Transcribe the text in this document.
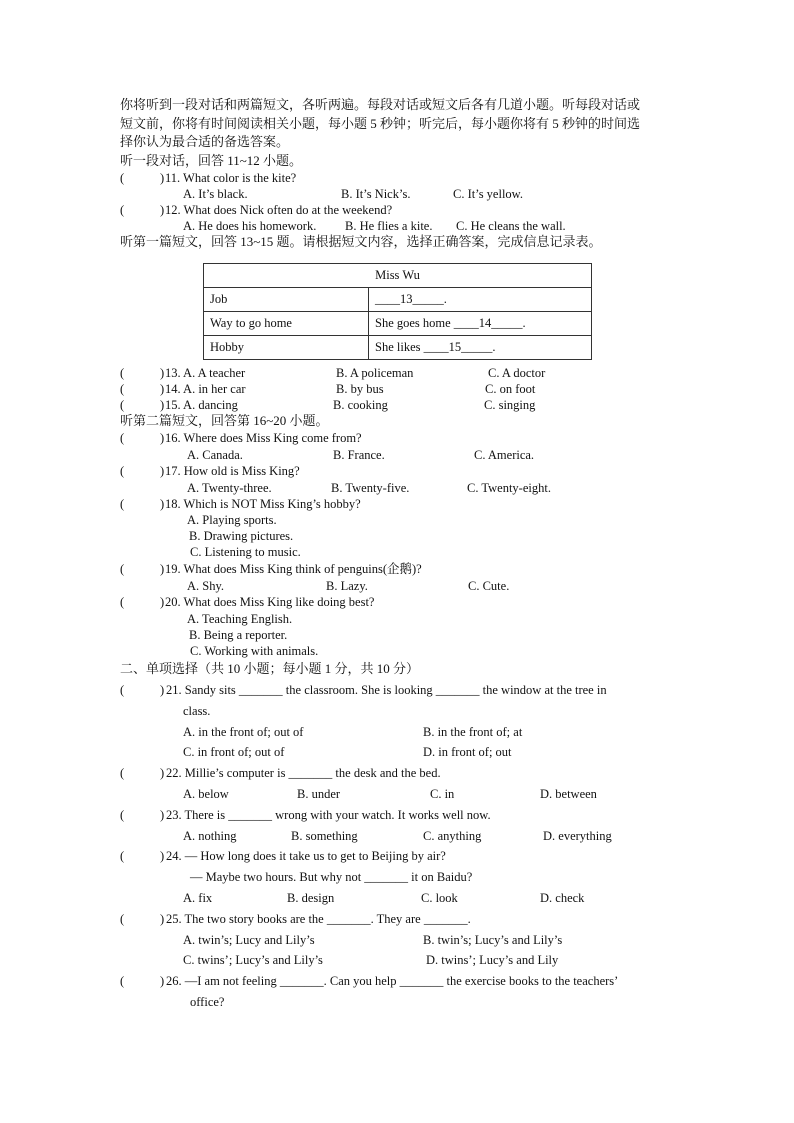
你将听到一段对话和两篇短文，各听两遍。每段对话或短文后各有几道小题。听每段对话或
短文前，你将有时间阅读相关小题，每小题 5 秒钟；听完后，每小题你将有 5 秒钟的时间选
择你认为最合适的备选答案。
听一段对话，回答 11~12 小题。
(	) 11. What color is the kite?
A. It’s black.	B. It’s Nick’s.	C. It’s yellow.
(	) 12. What does Nick often do at the weekend?
A. He does his homework. B. He flies a kite. C. He cleans the wall.
听第一篇短文，回答 13~15 题。请根据短文内容，选择正确答案，完成信息记录表。
Miss Wu	
Job	____13_____.
Way to go home	She goes home ____14_____.
Hobby	She likes ____15_____.
(	) 13. A. A teacher	B. A policeman	C. A doctor
(	) 14. A. in her car	B. by bus	C. on foot
(	) 15. A. dancing	B. cooking	C. singing
听第二篇短文，回答第 16~20 小题。
(	) 16. Where does Miss King come from?
A. Canada.	B. France.	C. America.
(	) 17. How old is Miss King?
A. Twenty-three.	B. Twenty-five.	C. Twenty-eight.
(	) 18. Which is NOT Miss King’s hobby?
A. Playing sports.
B. Drawing pictures.
C. Listening to music.
(	) 19. What does Miss King think of penguins(企鹅)?
A. Shy.	B. Lazy.	C. Cute.
(	) 20. What does Miss King like doing best?
A. Teaching English.
B. Being a reporter.
C. Working with animals.
二、单项选择（共 10 小题；每小题 1 分，共 10 分）
(	) 21. Sandy sits _______ the classroom. She is looking _______ the window at the tree in
class.
A. in the front of; out of	B. in the front of; at
C. in front of; out of	D. in front of; out
(	) 22. Millie’s computer is _______ the desk and the bed.
A. below	B. under	C. in	D. between
(	) 23. There is _______ wrong with your watch. It works well now.
A. nothing	B. something	C. anything	D. everything
(	) 24. — How long does it take us to get to Beijing by air?
— Maybe two hours. But why not _______ it on Baidu?
A. fix	B. design	C. look	D. check
(	) 25. The two story books are the _______. They are _______.
A. twin’s; Lucy and Lily’s	B. twin’s; Lucy’s and Lily’s
C. twins’; Lucy’s and Lily’s	D. twins’; Lucy’s and Lily
(	) 26. —I am not feeling _______. Can you help _______ the exercise books to the teachers’
office?
